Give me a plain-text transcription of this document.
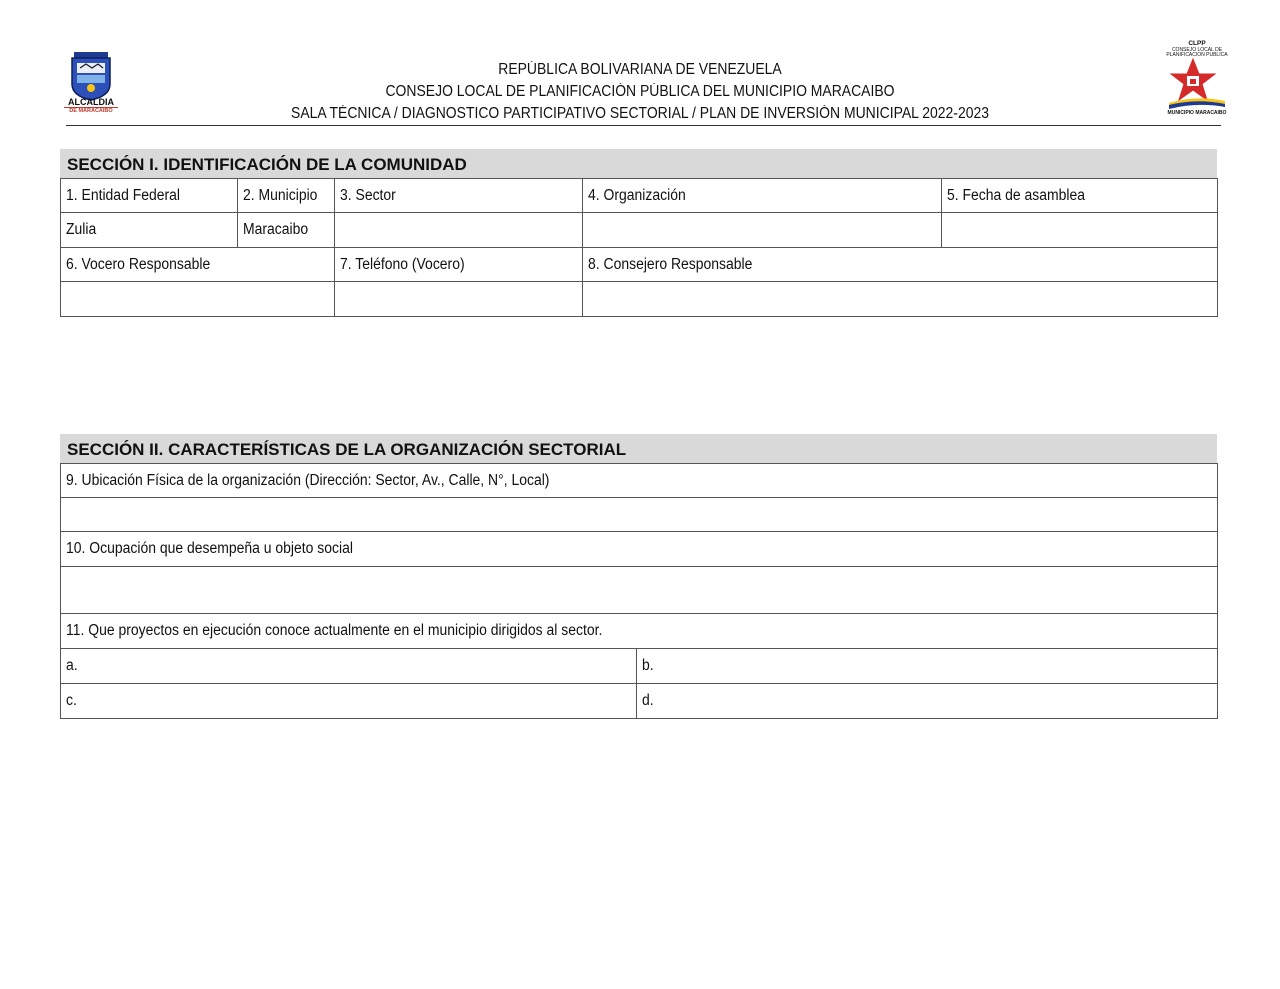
ALCALDIA
DE MARACAIBO
REPÚBLICA BOLIVARIANA DE VENEZUELA
CONSEJO LOCAL DE PLANIFICACIÓN PÚBLICA DEL MUNICIPIO MARACAIBO
SALA TÉCNICA / DIAGNOSTICO PARTICIPATIVO SECTORIAL / PLAN DE INVERSIÓN MUNICIPAL 2022-2023
CLPP
CONSEJO LOCAL DE
PLANIFICACION PUBLICA
MUNICIPIO MARACAIBO
SECCIÓN I. IDENTIFICACIÓN DE LA COMUNIDAD
1. Entidad Federal	2. Municipio	3. Sector	4. Organización	5. Fecha de asamblea
Zulia	Maracaibo			
6. Vocero Responsable		7. Teléfono (Vocero)	8. Consejero Responsable	

SECCIÓN II. CARACTERÍSTICAS DE LA ORGANIZACIÓN SECTORIAL
9. Ubicación Física de la organización (Dirección: Sector, Av., Calle, N°, Local)	

10. Ocupación que desempeña u objeto social	

11. Que proyectos en ejecución conoce actualmente en el municipio dirigidos al sector.	
a.	b.
c.	d.
